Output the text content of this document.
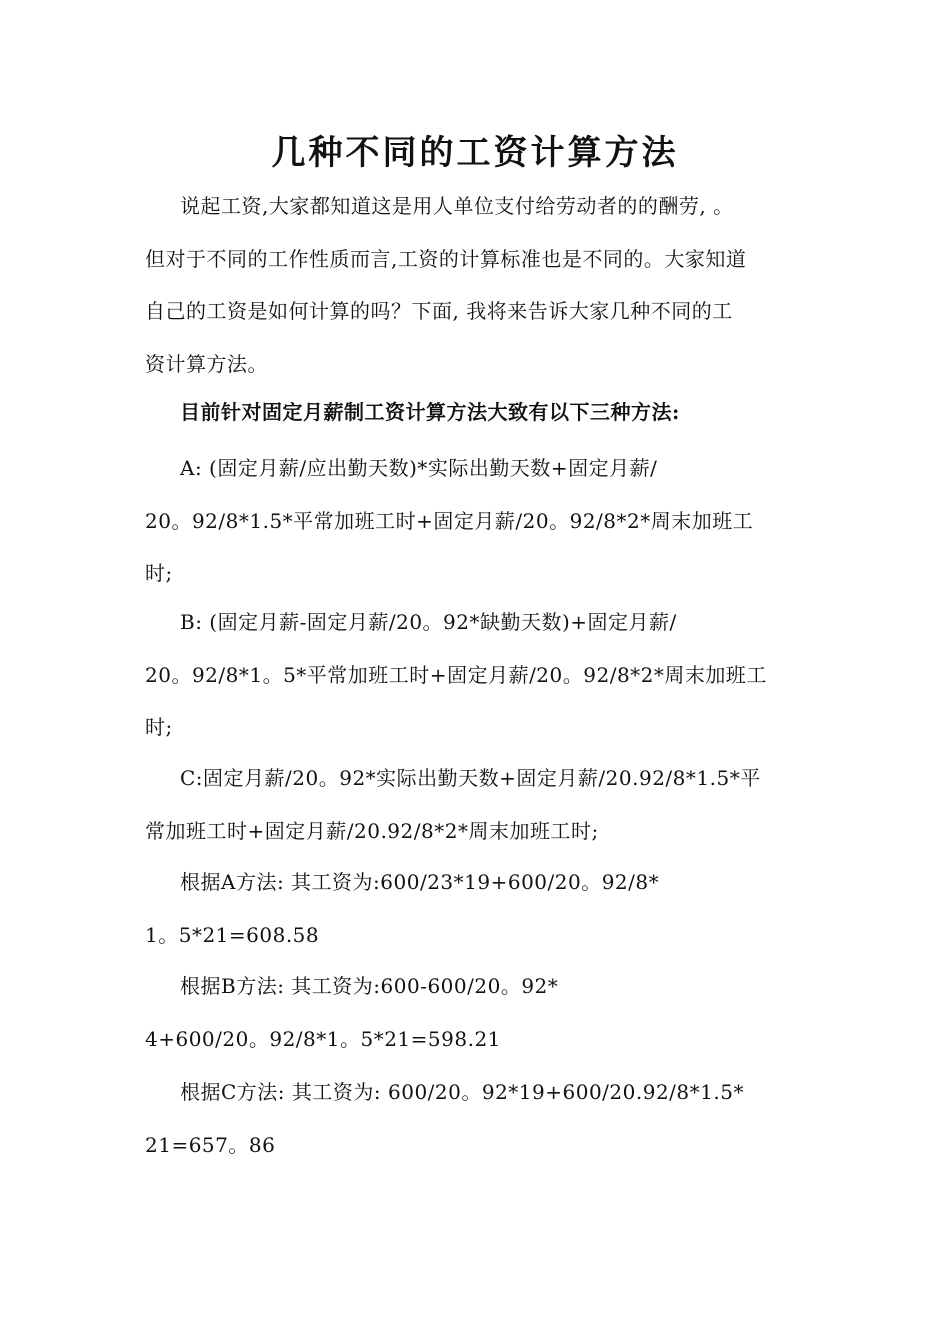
几种不同的工资计算方法
说起工资,大家都知道这是用人单位支付给劳动者的的酬劳, 。
但对于不同的工作性质而言,工资的计算标准也是不同的。大家知道
自己的工资是如何计算的吗？下面, 我将来告诉大家几种不同的工
资计算方法。
目前针对固定月薪制工资计算方法大致有以下三种方法:
A: (固定月薪/应出勤天数)*实际出勤天数+固定月薪/
20。92/8*1.5*平常加班工时+固定月薪/20。92/8*2*周末加班工
时;
B: (固定月薪-固定月薪/20。92*缺勤天数)+固定月薪/
20。92/8*1。5*平常加班工时+固定月薪/20。92/8*2*周末加班工
时;
C:固定月薪/20。92*实际出勤天数+固定月薪/20.92/8*1.5*平
常加班工时+固定月薪/20.92/8*2*周末加班工时;
根据A方法: 其工资为:600/23*19+600/20。92/8*
1。5*21=608.58
根据B方法: 其工资为:600-600/20。92*
4+600/20。92/8*1。5*21=598.21
根据C方法: 其工资为: 600/20。92*19+600/20.92/8*1.5*
21=657。86
